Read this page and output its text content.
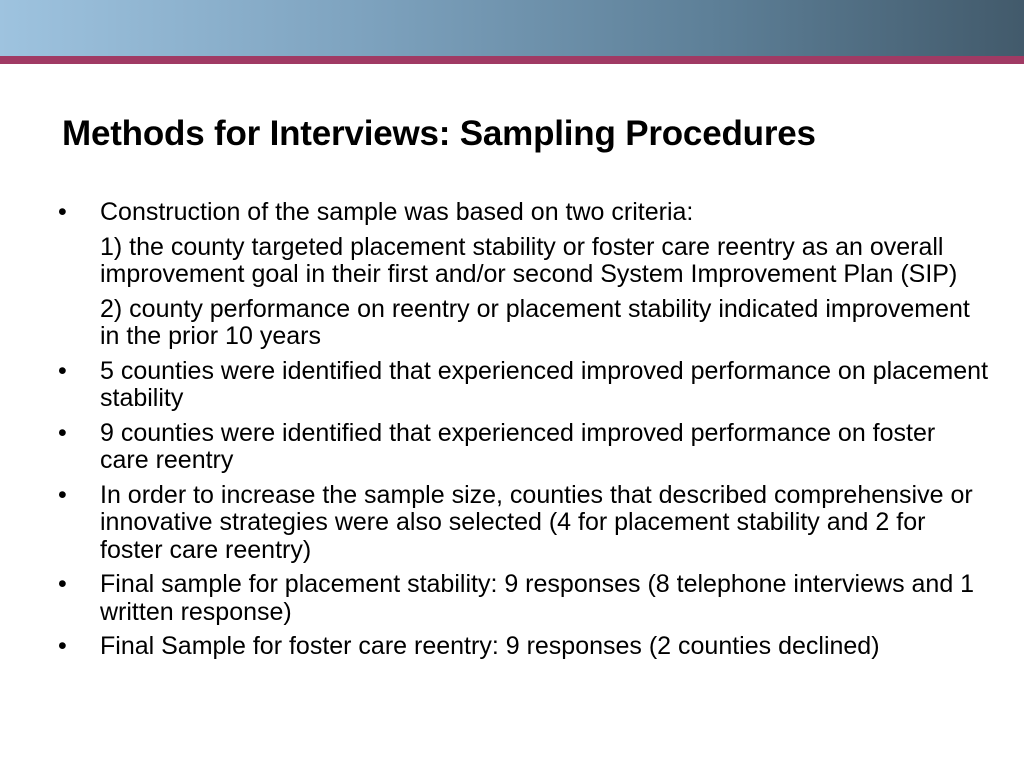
Methods for Interviews: Sampling Procedures
• Construction of the sample was based on two criteria:
1) the county targeted placement stability or foster care reentry as an overall improvement goal in their first and/or second System Improvement Plan (SIP)
2) county performance on reentry or placement stability indicated improvement in the prior 10 years
• 5 counties were identified that experienced improved performance on placement stability
• 9 counties were identified that experienced improved performance on foster care reentry
• In order to increase the sample size, counties that described comprehensive or innovative strategies were also selected (4 for placement stability and 2 for foster care reentry)
• Final sample for placement stability: 9 responses (8 telephone interviews and 1 written response)
• Final Sample for foster care reentry: 9 responses (2 counties declined)
